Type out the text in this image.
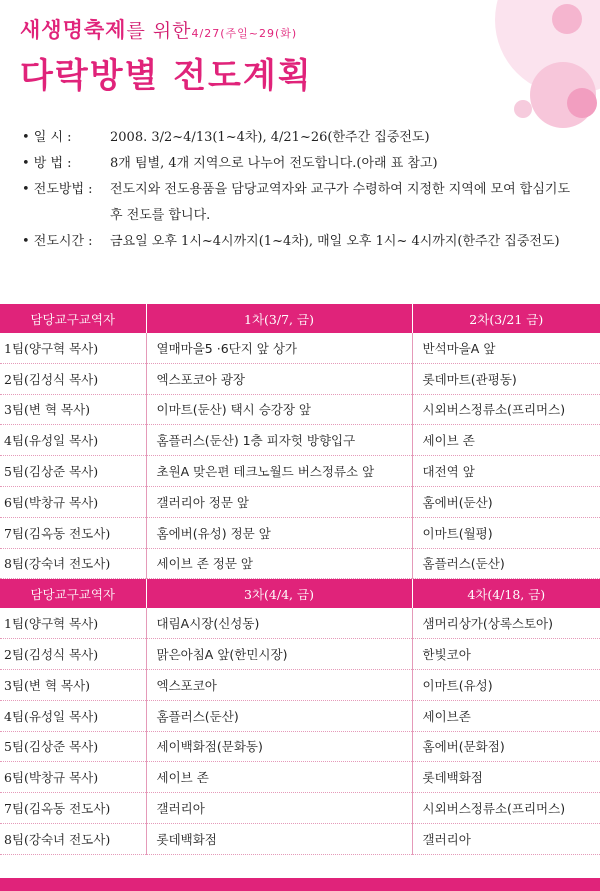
새생명축제를 위한4/27(주일~29(화)
다락방별 전도계획
• 일 시 :	2008. 3/2~4/13(1~4차), 4/21~26(한주간 집중전도)
• 방 법 :	8개 팀별, 4개 지역으로 나누어 전도합니다.(아래 표 참고)
• 전도방법 :	전도지와 전도용품을 담당교역자와 교구가 수령하여 지정한 지역에 모여 합심기도 후 전도를 합니다.
• 전도시간 :	금요일 오후 1시~4시까지(1~4차), 매일 오후 1시~ 4시까지(한주간 집중전도)
담당교구교역자	1차(3/7, 금)	2차(3/21 금)
1팀(양구혁 목사)	열매마을5 ·6단지 앞 상가	반석마을A 앞
2팀(김성식 목사)	엑스포코아 광장	롯데마트(관평동)
3팀(변 혁 목사)	이마트(둔산) 택시 승강장 앞	시외버스정류소(프리머스)
4팀(유성일 목사)	홈플러스(둔산) 1층 피자헛 방향입구	세이브 존
5팀(김상준 목사)	초원A 맞은편 테크노월드 버스정류소 앞	대전역 앞
6팀(박창규 목사)	갤러리아 정문 앞	홈에버(둔산)
7팀(김옥동 전도사)	홈에버(유성) 정문 앞	이마트(월평)
8팀(강숙녀 전도사)	세이브 존 정문 앞	홈플러스(둔산)
담당교구교역자	3차(4/4, 금)	4차(4/18, 금)
1팀(양구혁 목사)	대림A시장(신성동)	샘머리상가(상록스토아)
2팀(김성식 목사)	맑은아침A 앞(한민시장)	한빛코아
3팀(변 혁 목사)	엑스포코아	이마트(유성)
4팀(유성일 목사)	홈플러스(둔산)	세이브존
5팀(김상준 목사)	세이백화점(문화동)	홈에버(문화점)
6팀(박창규 목사)	세이브 존	롯데백화점
7팀(김옥동 전도사)	갤러리아	시외버스정류소(프리머스)
8팀(강숙녀 전도사)	롯데백화점	갤러리아
